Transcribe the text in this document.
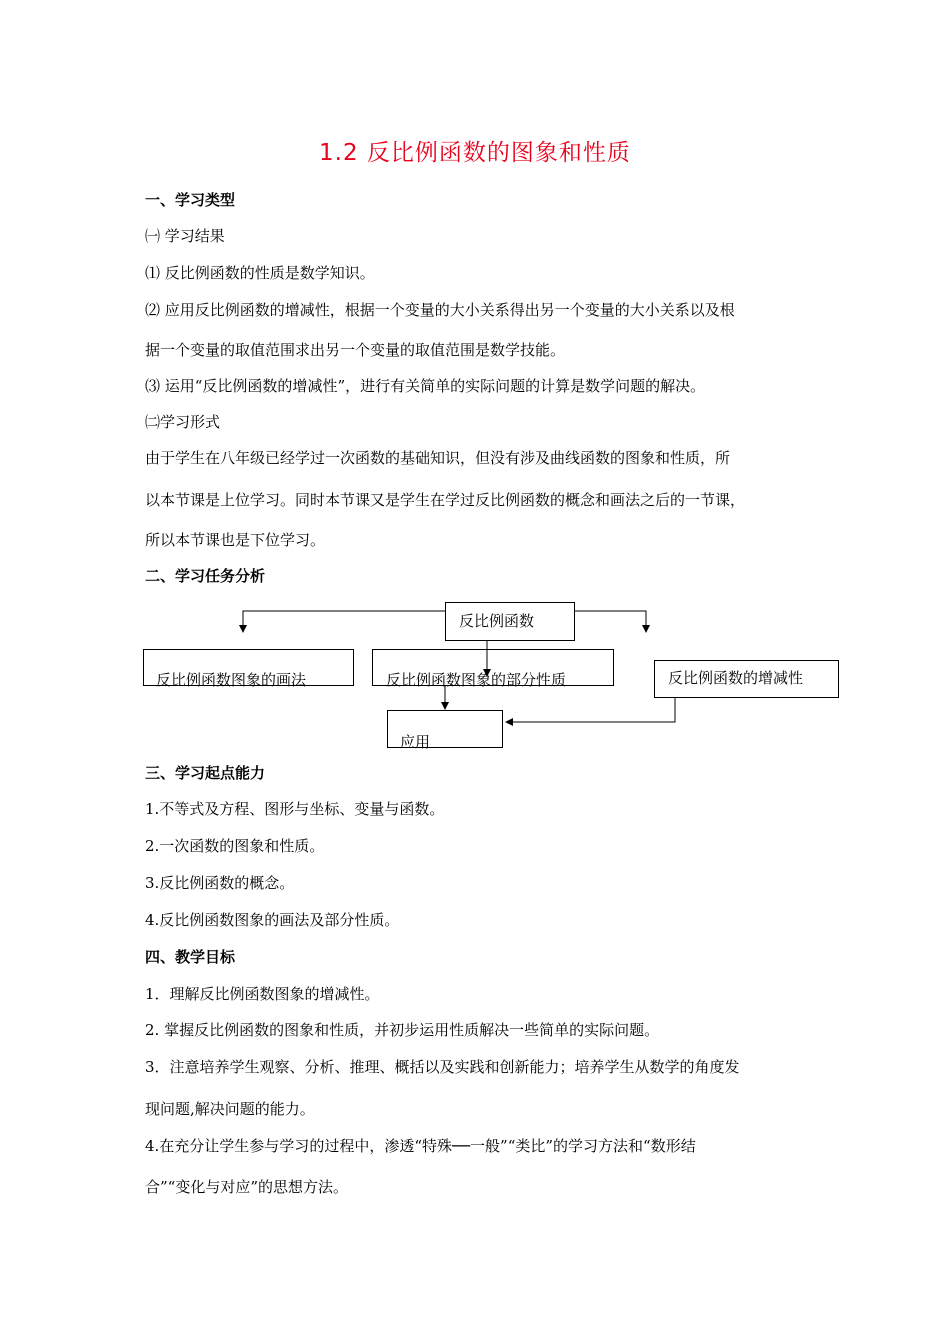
1.2 反比例函数的图象和性质
一、学习类型
㈠ 学习结果
⑴ 反比例函数的性质是数学知识。
⑵ 应用反比例函数的增减性，根据一个变量的大小关系得出另一个变量的大小关系以及根
据一个变量的取值范围求出另一个变量的取值范围是数学技能。
⑶ 运用“反比例函数的增减性”，进行有关简单的实际问题的计算是数学问题的解决。
㈡学习形式
由于学生在八年级已经学过一次函数的基础知识，但没有涉及曲线函数的图象和性质，所
以本节课是上位学习。同时本节课又是学生在学过反比例函数的概念和画法之后的一节课，
所以本节课也是下位学习。
二、学习任务分析
反比例函数
反比例函数图象的画法	反比例函数图象的部分性质	反比例函数的增减性
应用
三、学习起点能力
1.不等式及方程、图形与坐标、变量与函数。
2.一次函数的图象和性质。
3.反比例函数的概念。
4.反比例函数图象的画法及部分性质。
四、教学目标
1．理解反比例函数图象的增减性。
2. 掌握反比例函数的图象和性质，并初步运用性质解决一些简单的实际问题。
3．注意培养学生观察、分析、推理、概括以及实践和创新能力；培养学生从数学的角度发
现问题,解决问题的能力。
4.在充分让学生参与学习的过程中，渗透“特殊──一般”“类比”的学习方法和“数形结
合”“变化与对应”的思想方法。
